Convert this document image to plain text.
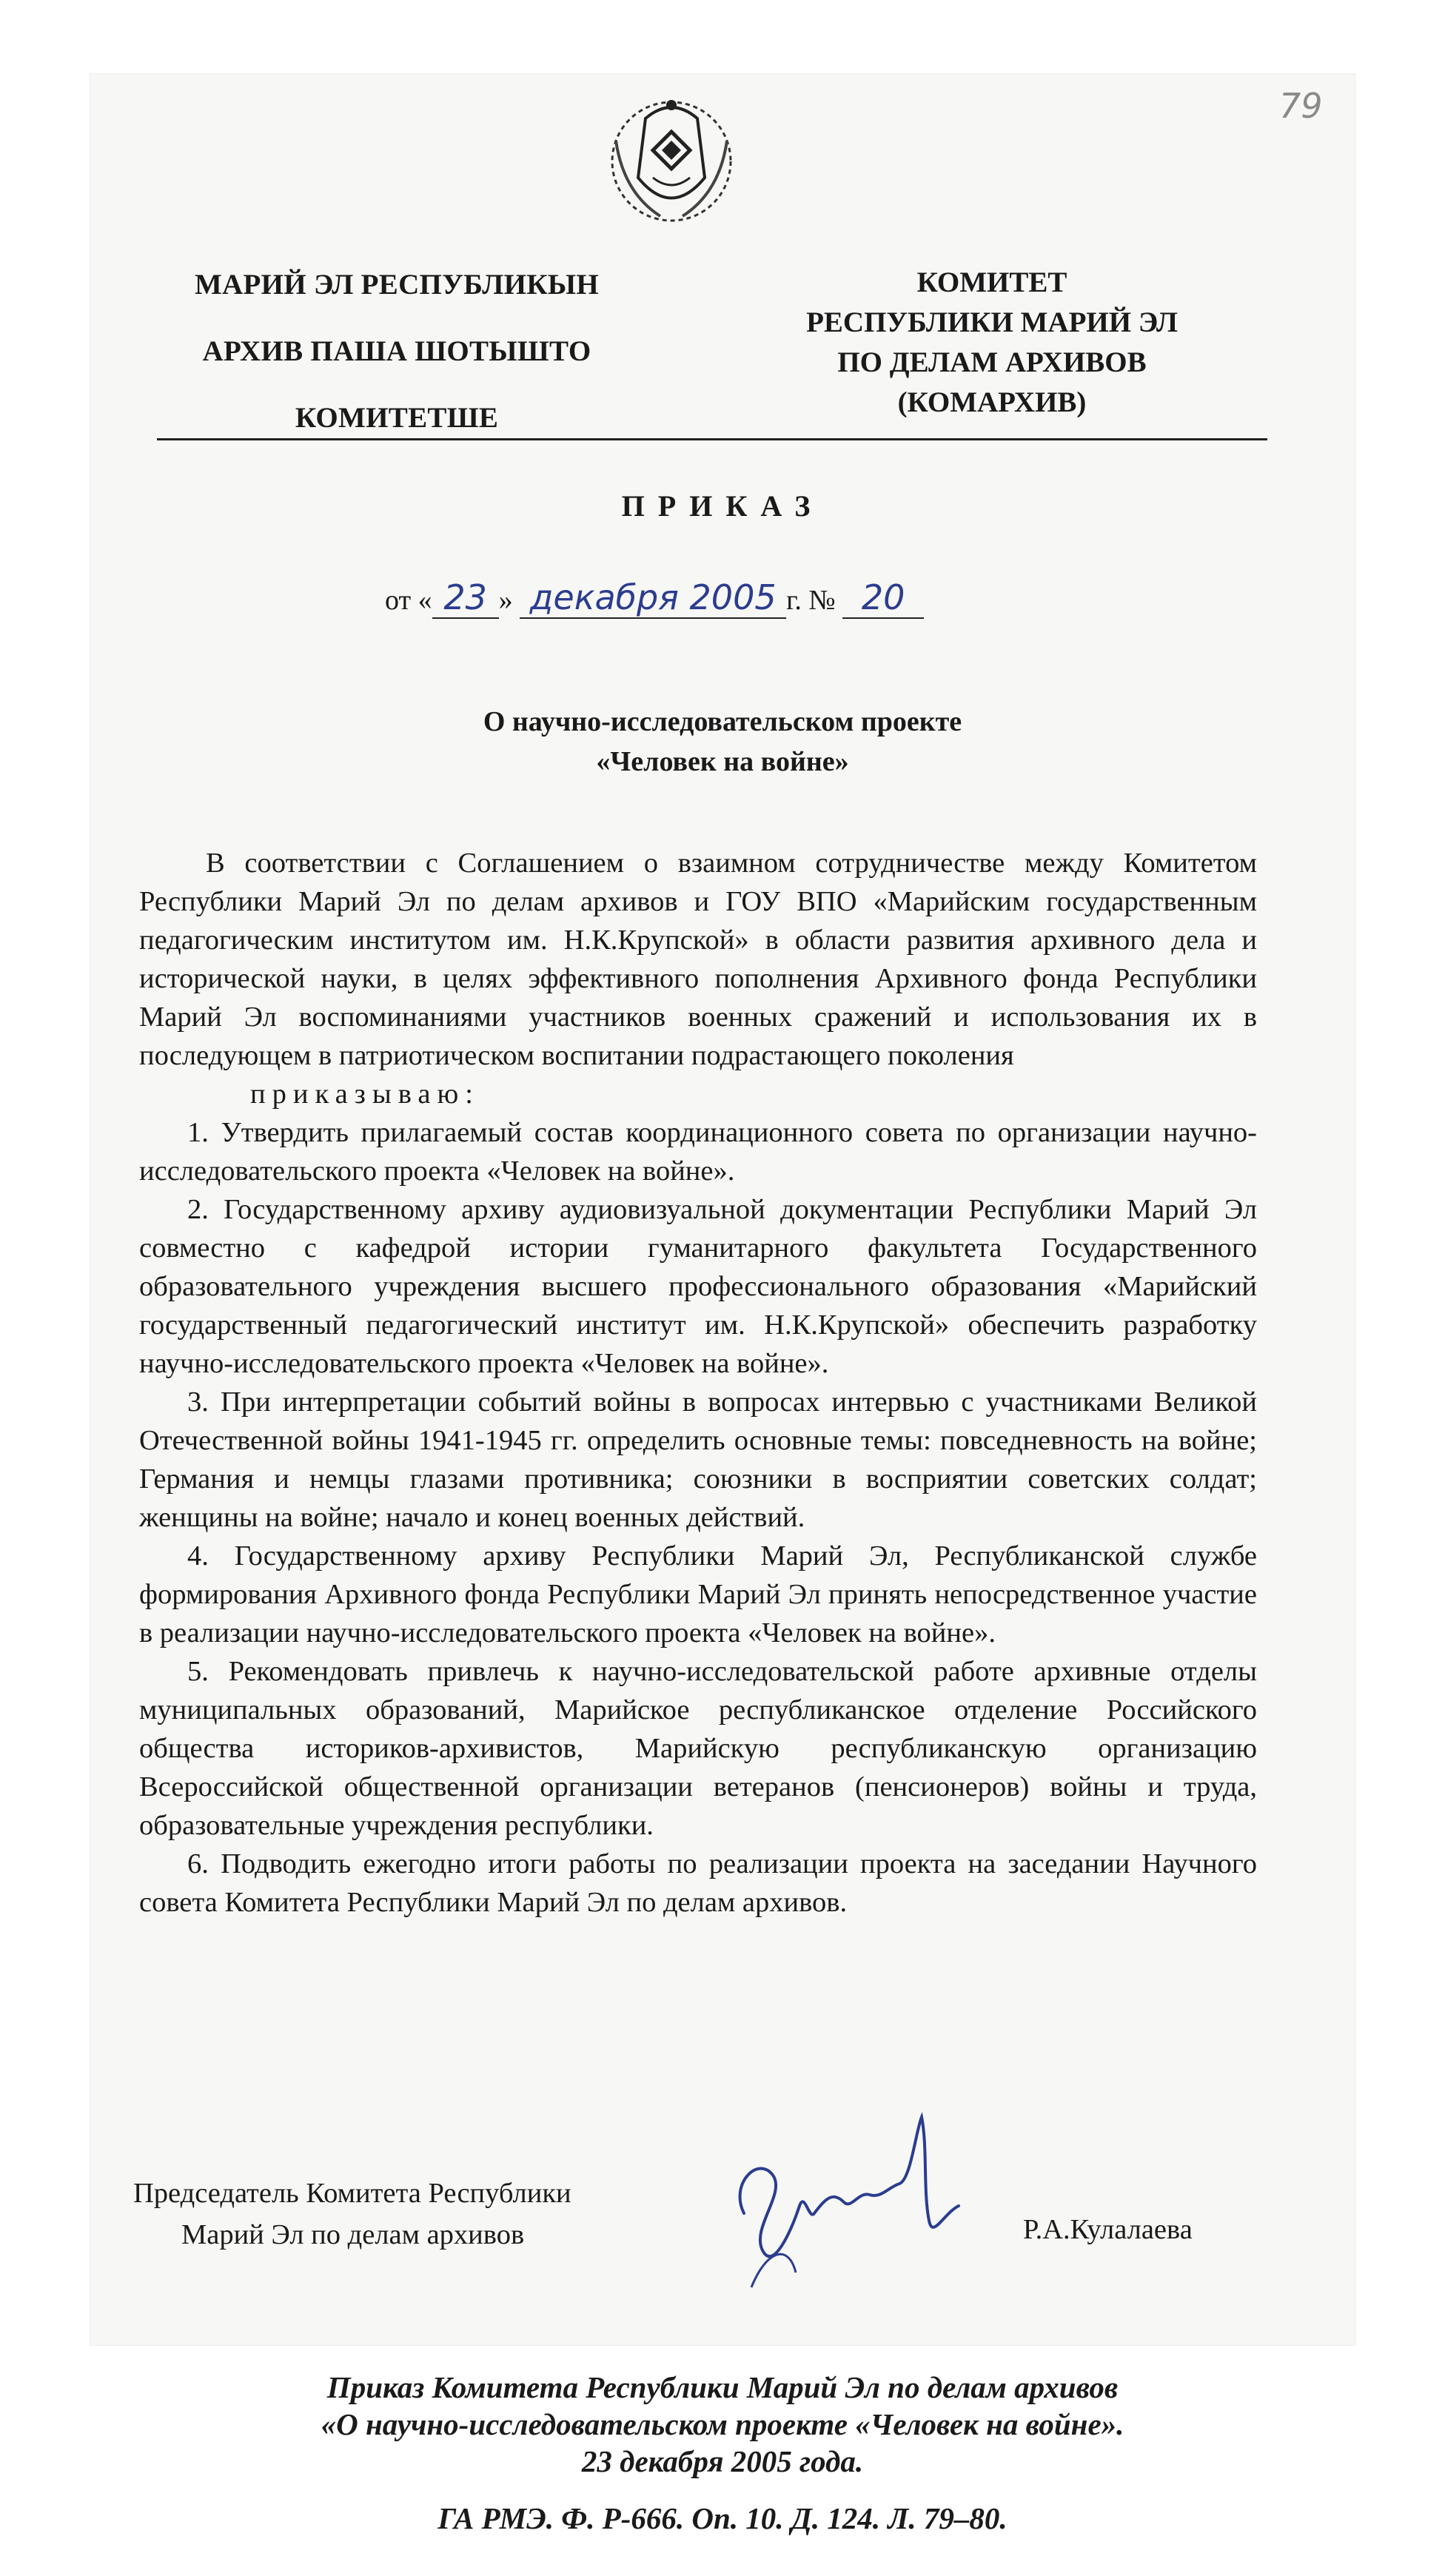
79
МАРИЙ ЭЛ РЕСПУБЛИКЫН
АРХИВ ПАША ШОТЫШТО
КОМИТЕТШЕ
КОМИТЕТ
РЕСПУБЛИКИ МАРИЙ ЭЛ
ПО ДЕЛАМ АРХИВОВ
(КОМАРХИВ)
ПРИКАЗ
от « 23 » декабря 2005 г. № 20
О научно-исследовательском проекте
«Человек на войне»

В соответствии с Соглашением о взаимном сотрудничестве между Комитетом Республики Марий Эл по делам архивов и ГОУ ВПО «Марийским государственным педагогическим институтом им. Н.К.Крупской» в области развития архивного дела и исторической науки, в целях эффективного пополнения Архивного фонда Республики Марий Эл воспоминаниями участников военных сражений и использования их в последующем в патриотическом воспитании подрастающего поколения

приказываю:

1. Утвердить прилагаемый состав координационного совета по организации научно-исследовательского проекта «Человек на войне».

2. Государственному архиву аудиовизуальной документации Республики Марий Эл совместно с кафедрой истории гуманитарного факультета Государственного образовательного учреждения высшего профессионального образования «Марийский государственный педагогический институт им. Н.К.Крупской» обеспечить разработку научно-исследовательского проекта «Человек на войне».

3. При интерпретации событий войны в вопросах интервью с участниками Великой Отечественной войны 1941-1945 гг. определить основные темы: повседневность на войне; Германия и немцы глазами противника; союзники в восприятии советских солдат; женщины на войне; начало и конец военных действий.

4. Государственному архиву Республики Марий Эл, Республиканской службе формирования Архивного фонда Республики Марий Эл принять непосредственное участие в реализации научно-исследовательского проекта «Человек на войне».

5. Рекомендовать привлечь к научно-исследовательской работе архивные отделы муниципальных образований, Марийское республиканское отделение Российского общества историков-архивистов, Марийскую республиканскую организацию Всероссийской общественной организации ветеранов (пенсионеров) войны и труда, образовательные учреждения республики.

6. Подводить ежегодно итоги работы по реализации проекта на заседании Научного совета Комитета Республики Марий Эл по делам архивов.

Председатель Комитета Республики
Марий Эл по делам архивов	Р.А.Кулалаева
Приказ Комитета Республики Марий Эл по делам архивов
«О научно-исследовательском проекте «Человек на войне».
23 декабря 2005 года.
ГА РМЭ. Ф. Р-666. Оп. 10. Д. 124. Л. 79–80.
